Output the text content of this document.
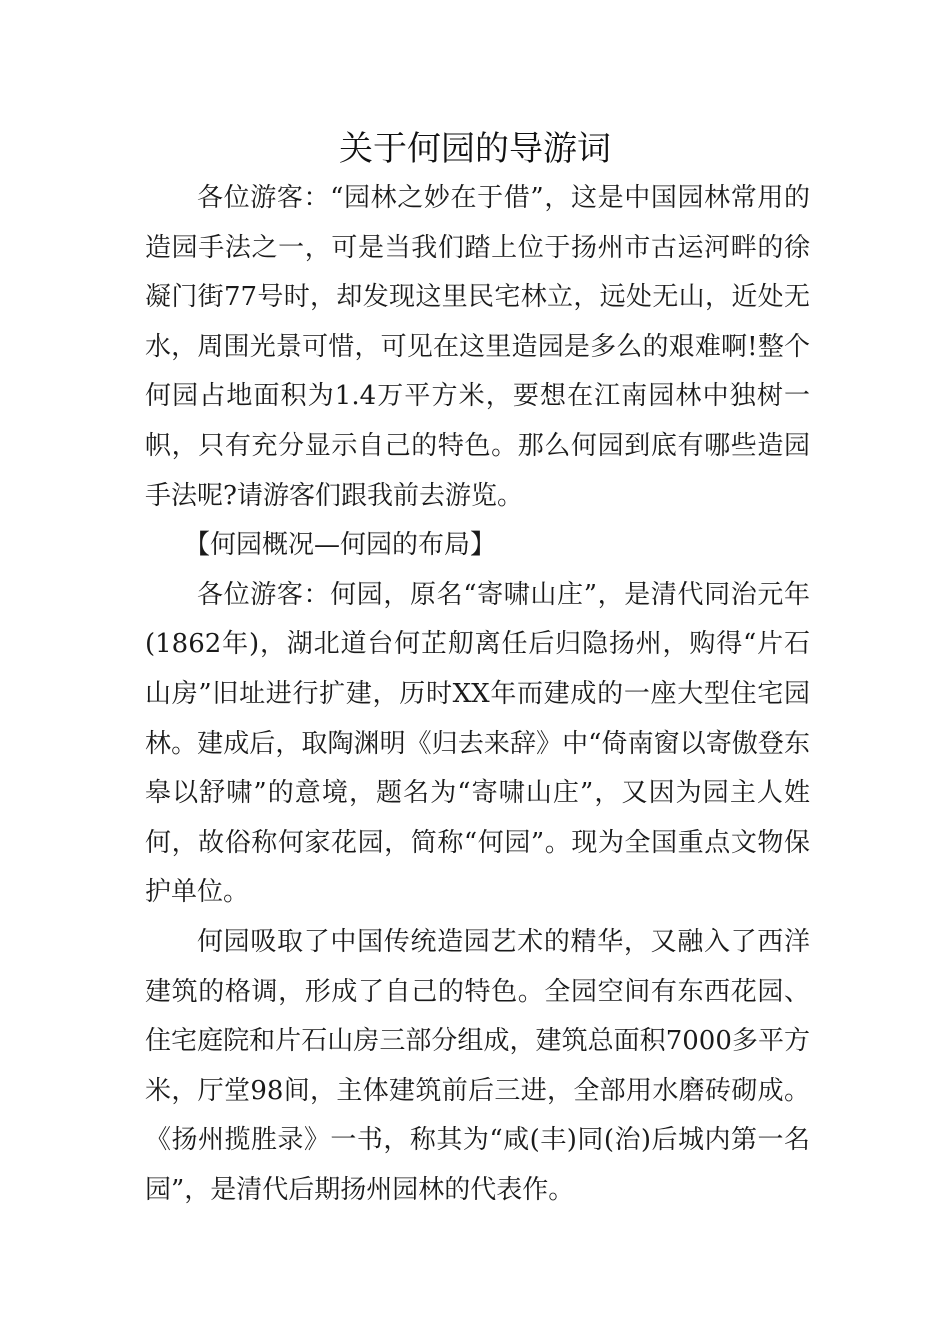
关于何园的导游词

各位游客：“园林之妙在于借”，这是中国园林常用的造园手法之一，可是当我们踏上位于扬州市古运河畔的徐凝门街77号时，却发现这里民宅林立，远处无山，近处无水，周围光景可惜，可见在这里造园是多么的艰难啊!整个何园占地面积为1.4万平方米，要想在江南园林中独树一帜，只有充分显示自己的特色。那么何园到底有哪些造园手法呢?请游客们跟我前去游览。

【何园概况—何园的布局】

各位游客：何园，原名“寄啸山庄”，是清代同治元年(1862年)，湖北道台何芷舠离任后归隐扬州，购得“片石山房”旧址进行扩建，历时XX年而建成的一座大型住宅园林。建成后，取陶渊明《归去来辞》中“倚南窗以寄傲登东皋以舒啸”的意境，题名为“寄啸山庄”，又因为园主人姓何，故俗称何家花园，简称“何园”。现为全国重点文物保护单位。

何园吸取了中国传统造园艺术的精华，又融入了西洋建筑的格调，形成了自己的特色。全园空间有东西花园、住宅庭院和片石山房三部分组成，建筑总面积7000多平方米，厅堂98间，主体建筑前后三进，全部用水磨砖砌成。《扬州揽胜录》一书，称其为“咸(丰)同(治)后城内第一名园”，是清代后期扬州园林的代表作。
